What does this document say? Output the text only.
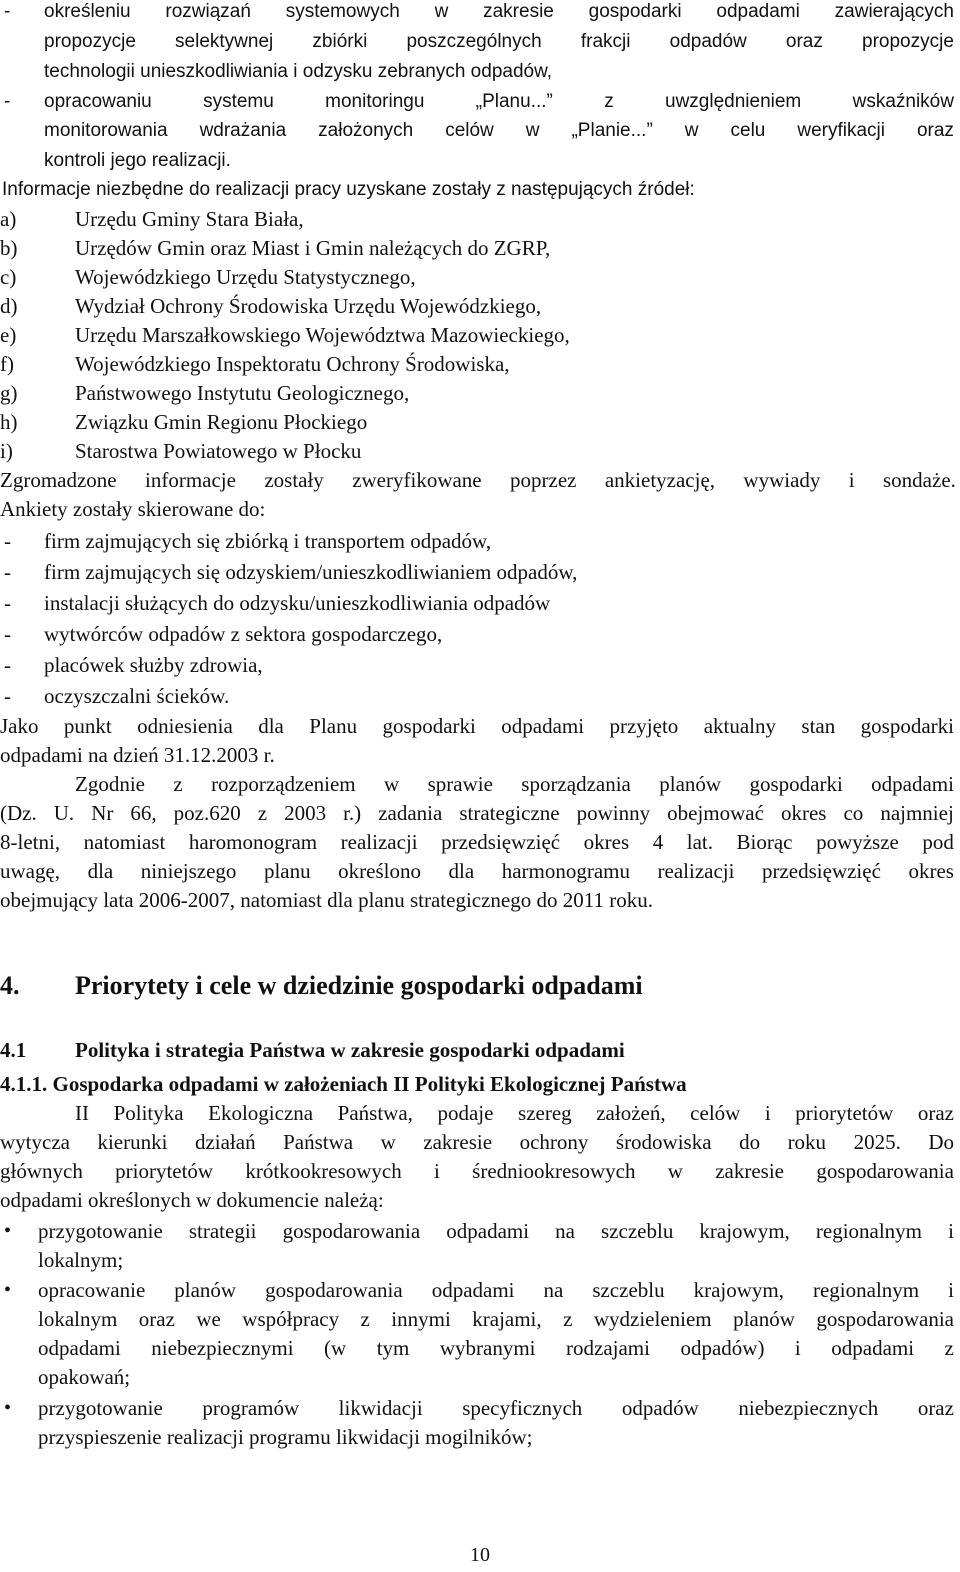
- określeniu rozwiązań systemowych w zakresie gospodarki odpadami zawierających
propozycje selektywnej zbiórki poszczególnych frakcji odpadów oraz propozycje
technologii unieszkodliwiania i odzysku zebranych odpadów,
- opracowaniu	systemu	monitoringu	„Planu...”	z	uwzględnieniem	wskaźników
monitorowania wdrażania założonych celów w „Planie...” w celu weryfikacji oraz
kontroli jego realizacji.
Informacje niezbędne do realizacji pracy uzyskane zostały z następujących źródeł:
a)	Urzędu Gminy Stara Biała,
b)	Urzędów Gmin oraz Miast i Gmin należących do ZGRP,
c)	Wojewódzkiego Urzędu Statystycznego,
d)	Wydział Ochrony Środowiska Urzędu Wojewódzkiego,
e)	Urzędu Marszałkowskiego Województwa Mazowieckiego,
f)	Wojewódzkiego Inspektoratu Ochrony Środowiska,
g)	Państwowego Instytutu Geologicznego,
h)	Związku Gmin Regionu Płockiego
i)	Starostwa Powiatowego w Płocku
Zgromadzone informacje zostały zweryfikowane poprzez ankietyzację, wywiady i sondaże.
Ankiety zostały skierowane do:
- firm zajmujących się zbiórką i transportem odpadów,
- firm zajmujących się odzyskiem/unieszkodliwianiem odpadów,
- instalacji służących do odzysku/unieszkodliwiania odpadów
- wytwórców odpadów z sektora gospodarczego,
- placówek służby zdrowia,
- oczyszczalni ścieków.
Jako punkt odniesienia dla Planu gospodarki odpadami przyjęto aktualny stan gospodarki
odpadami na dzień 31.12.2003 r.
Zgodnie z rozporządzeniem w sprawie sporządzania planów gospodarki odpadami
(Dz. U. Nr 66, poz.620 z 2003 r.) zadania strategiczne powinny obejmować okres co najmniej
8-letni, natomiast haromonogram realizacji przedsięwzięć okres 4 lat. Biorąc powyższe pod
uwagę, dla niniejszego planu określono dla harmonogramu realizacji przedsięwzięć okres
obejmujący lata 2006-2007, natomiast dla planu strategicznego do 2011 roku.
4. Priorytety i cele w dziedzinie gospodarki odpadami
4.1 Polityka i strategia Państwa w zakresie gospodarki odpadami
4.1.1. Gospodarka odpadami w założeniach II Polityki Ekologicznej Państwa
II Polityka Ekologiczna Państwa, podaje szereg założeń, celów i priorytetów oraz
wytycza kierunki działań Państwa w zakresie ochrony środowiska do roku 2025. Do
głównych priorytetów krótkookresowych i średniookresowych w zakresie gospodarowania
odpadami określonych w dokumencie należą:
• przygotowanie strategii gospodarowania odpadami na szczeblu krajowym, regionalnym i
lokalnym;
• opracowanie planów gospodarowania odpadami na szczeblu krajowym, regionalnym i
lokalnym oraz we współpracy z innymi krajami, z wydzieleniem planów gospodarowania
odpadami niebezpiecznymi (w tym wybranymi rodzajami odpadów) i odpadami z
opakowań;
• przygotowanie programów likwidacji specyficznych odpadów niebezpiecznych oraz
przyspieszenie realizacji programu likwidacji mogilników;
10
